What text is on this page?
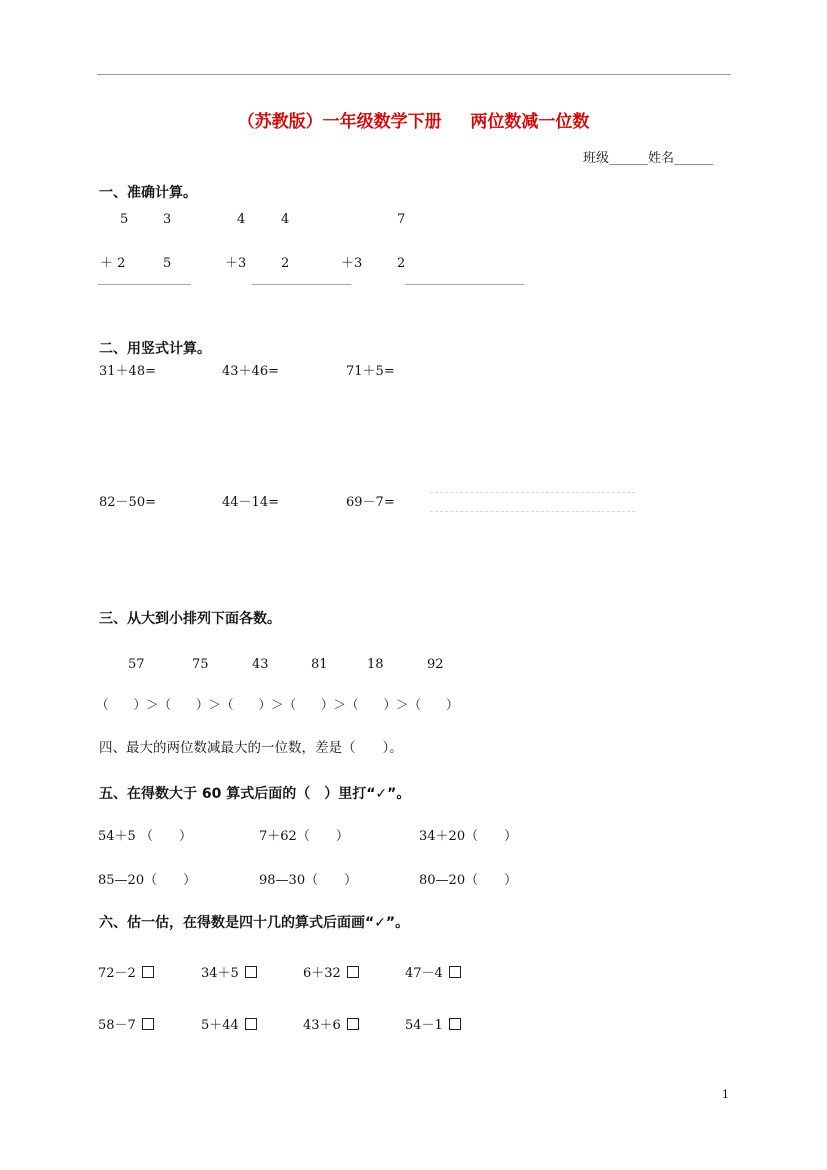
（苏教版）一年级数学下册 　 两位数减一位数
班级______姓名______
一、准确计算。
5	3	4	4	7
＋ 2	5	＋3	2	＋3	2
______________	_______________	__________________
二、用竖式计算。
31＋48=	43＋46=	71＋5=
82－50=	44－14=	69－7=
三、从大到小排列下面各数。
57	75	43	81	18	92
（　　）＞（　　）＞（　　）＞（　　）＞（　　）＞（　　）
四、最大的两位数减最大的一位数，差是（　　）。
五、在得数大于 60 算式后面的（　）里打“✓”。
54＋5 （　　）	7＋62（　　）	34＋20（　　）
85—20（　　）	98—30（　　）	80—20（　　）
六、估一估，在得数是四十几的算式后面画“✓”。
72－2	34＋5	6＋32	47－4
58－7	5＋44	43＋6	54－1
1
